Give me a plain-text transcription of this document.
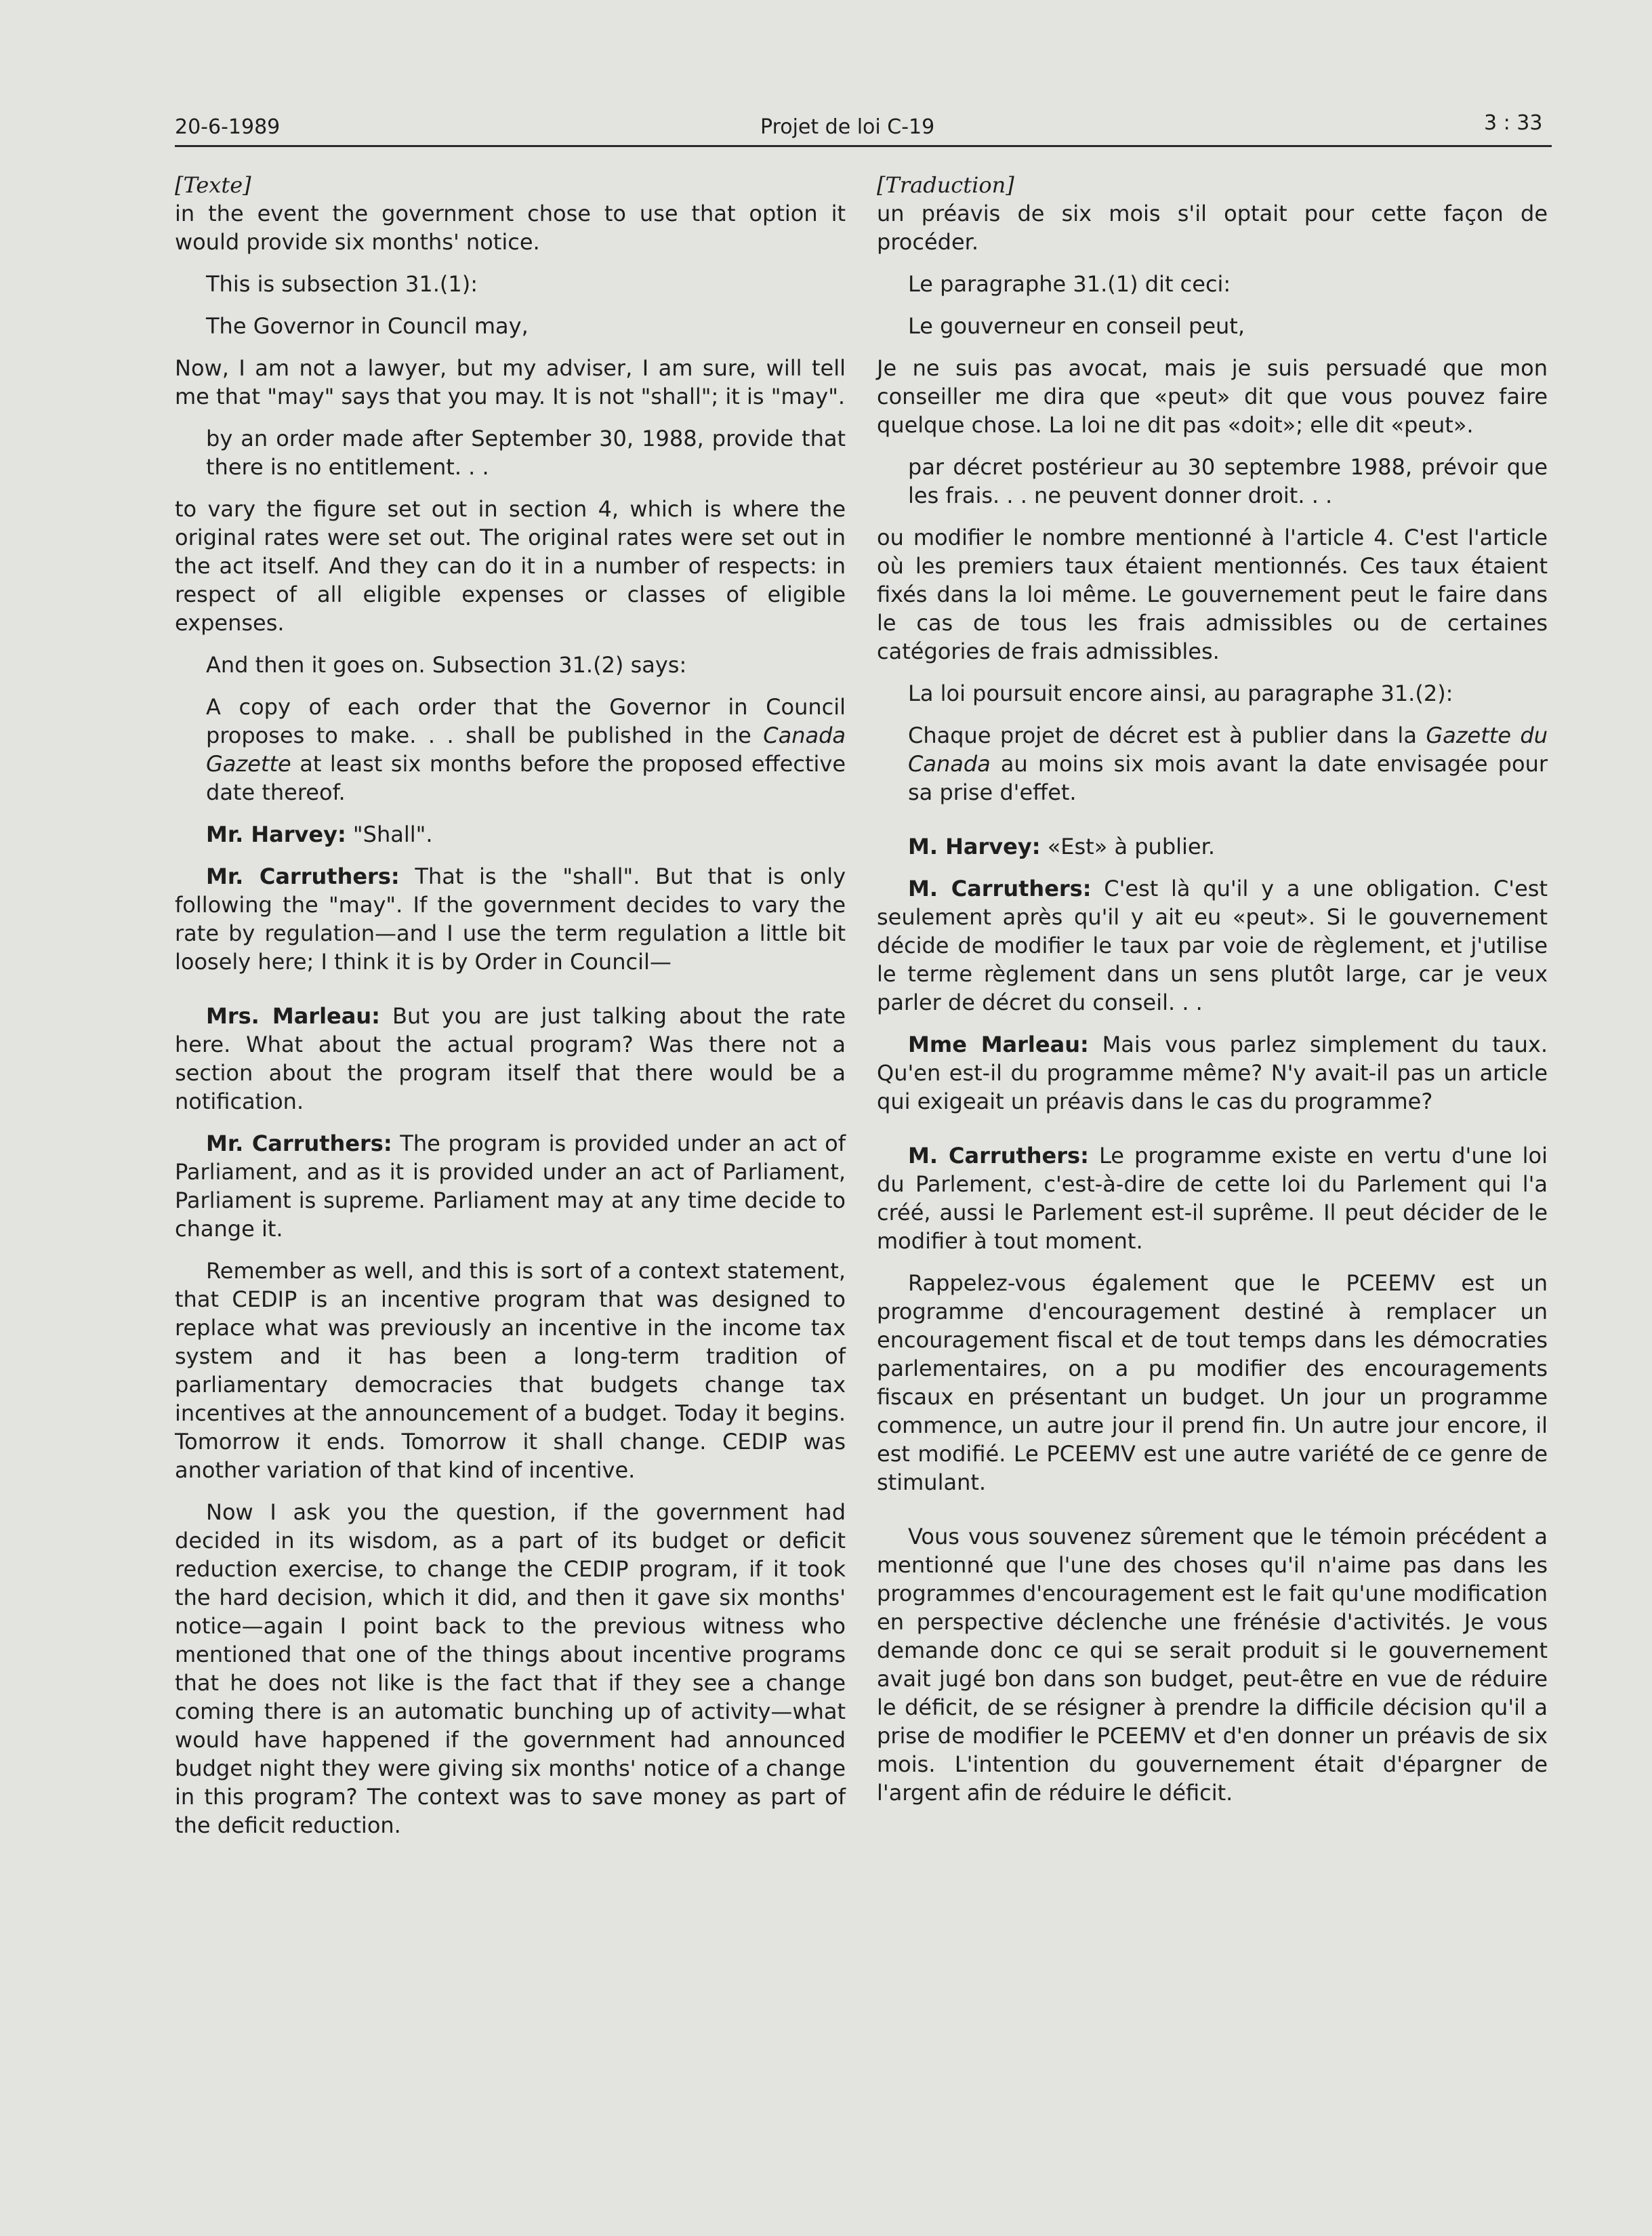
20-6-1989	Projet de loi C-19	3 : 33

[Texte]

in the event the government chose to use that option it would provide six months' notice.

This is subsection 31.(1):

The Governor in Council may,

Now, I am not a lawyer, but my adviser, I am sure, will tell me that "may" says that you may. It is not "shall"; it is "may".

by an order made after September 30, 1988, provide that there is no entitlement. . .

to vary the figure set out in section 4, which is where the original rates were set out. The original rates were set out in the act itself. And they can do it in a number of respects: in respect of all eligible expenses or classes of eligible expenses.

And then it goes on. Subsection 31.(2) says:

A copy of each order that the Governor in Council proposes to make. . . shall be published in the Canada Gazette at least six months before the proposed effective date thereof.

Mr. Harvey: "Shall".

Mr. Carruthers: That is the "shall". But that is only following the "may". If the government decides to vary the rate by regulation—and I use the term regulation a little bit loosely here; I think it is by Order in Council—

Mrs. Marleau: But you are just talking about the rate here. What about the actual program? Was there not a section about the program itself that there would be a notification.

Mr. Carruthers: The program is provided under an act of Parliament, and as it is provided under an act of Parliament, Parliament is supreme. Parliament may at any time decide to change it.

Remember as well, and this is sort of a context statement, that CEDIP is an incentive program that was designed to replace what was previously an incentive in the income tax system and it has been a long-term tradition of parliamentary democracies that budgets change tax incentives at the announcement of a budget. Today it begins. Tomorrow it ends. Tomorrow it shall change. CEDIP was another variation of that kind of incentive.

Now I ask you the question, if the government had decided in its wisdom, as a part of its budget or deficit reduction exercise, to change the CEDIP program, if it took the hard decision, which it did, and then it gave six months' notice—again I point back to the previous witness who mentioned that one of the things about incentive programs that he does not like is the fact that if they see a change coming there is an automatic bunching up of activity—what would have happened if the government had announced budget night they were giving six months' notice of a change in this program? The context was to save money as part of the deficit reduction.

[Traduction]

un préavis de six mois s'il optait pour cette façon de procéder.

Le paragraphe 31.(1) dit ceci:

Le gouverneur en conseil peut,

Je ne suis pas avocat, mais je suis persuadé que mon conseiller me dira que «peut» dit que vous pouvez faire quelque chose. La loi ne dit pas «doit»; elle dit «peut».

par décret postérieur au 30 septembre 1988, prévoir que les frais. . . ne peuvent donner droit. . .

ou modifier le nombre mentionné à l'article 4. C'est l'article où les premiers taux étaient mentionnés. Ces taux étaient fixés dans la loi même. Le gouvernement peut le faire dans le cas de tous les frais admissibles ou de certaines catégories de frais admissibles.

La loi poursuit encore ainsi, au paragraphe 31.(2):

Chaque projet de décret est à publier dans la Gazette du Canada au moins six mois avant la date envisagée pour sa prise d'effet.

M. Harvey: «Est» à publier.

M. Carruthers: C'est là qu'il y a une obligation. C'est seulement après qu'il y ait eu «peut». Si le gouvernement décide de modifier le taux par voie de règlement, et j'utilise le terme règlement dans un sens plutôt large, car je veux parler de décret du conseil. . .

Mme Marleau: Mais vous parlez simplement du taux. Qu'en est-il du programme même? N'y avait-il pas un article qui exigeait un préavis dans le cas du programme?

M. Carruthers: Le programme existe en vertu d'une loi du Parlement, c'est-à-dire de cette loi du Parlement qui l'a créé, aussi le Parlement est-il suprême. Il peut décider de le modifier à tout moment.

Rappelez-vous également que le PCEEMV est un programme d'encouragement destiné à remplacer un encouragement fiscal et de tout temps dans les démocraties parlementaires, on a pu modifier des encouragements fiscaux en présentant un budget. Un jour un programme commence, un autre jour il prend fin. Un autre jour encore, il est modifié. Le PCEEMV est une autre variété de ce genre de stimulant.

Vous vous souvenez sûrement que le témoin précédent a mentionné que l'une des choses qu'il n'aime pas dans les programmes d'encouragement est le fait qu'une modification en perspective déclenche une frénésie d'activités. Je vous demande donc ce qui se serait produit si le gouvernement avait jugé bon dans son budget, peut-être en vue de réduire le déficit, de se résigner à prendre la difficile décision qu'il a prise de modifier le PCEEMV et d'en donner un préavis de six mois. L'intention du gouvernement était d'épargner de l'argent afin de réduire le déficit.
